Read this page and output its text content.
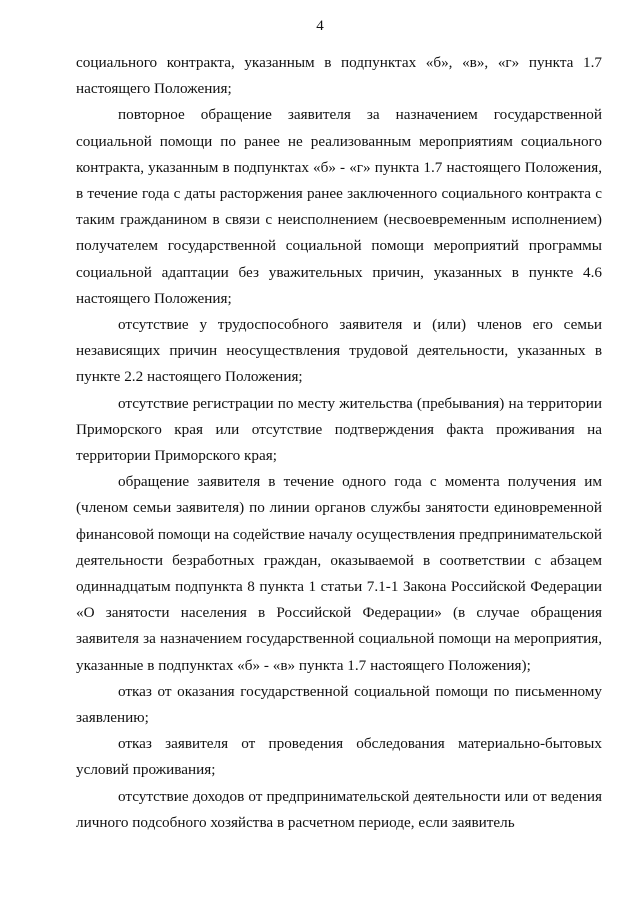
4

социального контракта, указанным в подпунктах «б», «в», «г» пункта 1.7 настоящего Положения;

повторное обращение заявителя за назначением государственной социальной помощи по ранее не реализованным мероприятиям социального контракта, указанным в подпунктах «б» - «г» пункта 1.7 настоящего Положения, в течение года с даты расторжения ранее заключенного социального контракта с таким гражданином в связи с неисполнением (несвоевременным исполнением) получателем государственной социальной помощи мероприятий программы социальной адаптации без уважительных причин, указанных в пункте 4.6 настоящего Положения;

отсутствие у трудоспособного заявителя и (или) членов его семьи независящих причин неосуществления трудовой деятельности, указанных в пункте 2.2 настоящего Положения;

отсутствие регистрации по месту жительства (пребывания) на территории Приморского края или отсутствие подтверждения факта проживания на территории Приморского края;

обращение заявителя в течение одного года с момента получения им (членом семьи заявителя) по линии органов службы занятости единовременной финансовой помощи на содействие началу осуществления предпринимательской деятельности безработных граждан, оказываемой в соответствии с абзацем одиннадцатым подпункта 8 пункта 1 статьи 7.1-1 Закона Российской Федерации «О занятости населения в Российской Федерации» (в случае обращения заявителя за назначением государственной социальной помощи на мероприятия, указанные в подпунктах «б» - «в» пункта 1.7 настоящего Положения);

отказ от оказания государственной социальной помощи по письменному заявлению;

отказ заявителя от проведения обследования материально-бытовых условий проживания;

отсутствие доходов от предпринимательской деятельности или от ведения личного подсобного хозяйства в расчетном периоде, если заявитель
